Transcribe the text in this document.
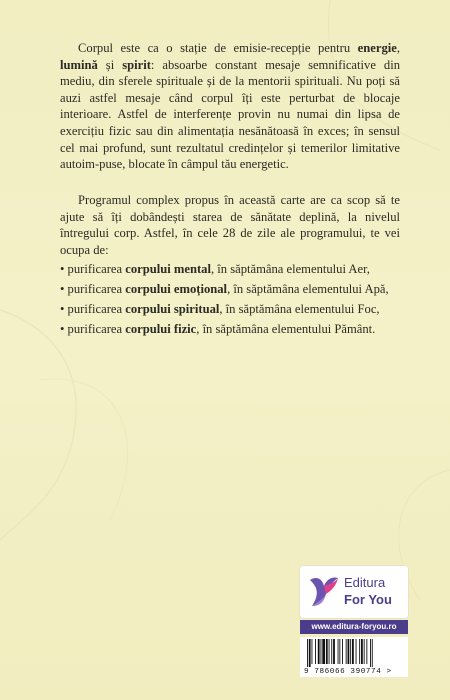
Corpul este ca o stație de emisie-recepție pentru energie, lumină și spirit: absoarbe constant mesaje semnificative din mediu, din sferele spirituale și de la mentorii spirituali. Nu poți să auzi astfel mesaje când corpul îți este perturbat de blocaje interioare. Astfel de interferențe provin nu numai din lipsa de exercițiu fizic sau din alimentația nesănătoasă în exces; în sensul cel mai profund, sunt rezultatul credințelor și temerilor limitative autoim-puse, blocate în câmpul tău energetic.

Programul complex propus în această carte are ca scop să te ajute să îți dobândești starea de sănătate deplină, la nivelul întregului corp. Astfel, în cele 28 de zile ale programului, te vei ocupa de:

• purificarea corpului mental, în săptămâna elementului Aer,
• purificarea corpului emoțional, în săptămâna elementului Apă,
• purificarea corpului spiritual, în săptămâna elementului Foc,
• purificarea corpului fizic, în săptămâna elementului Pământ.
Editura
For You
www.editura-foryou.ro
9 786066 390774 >
